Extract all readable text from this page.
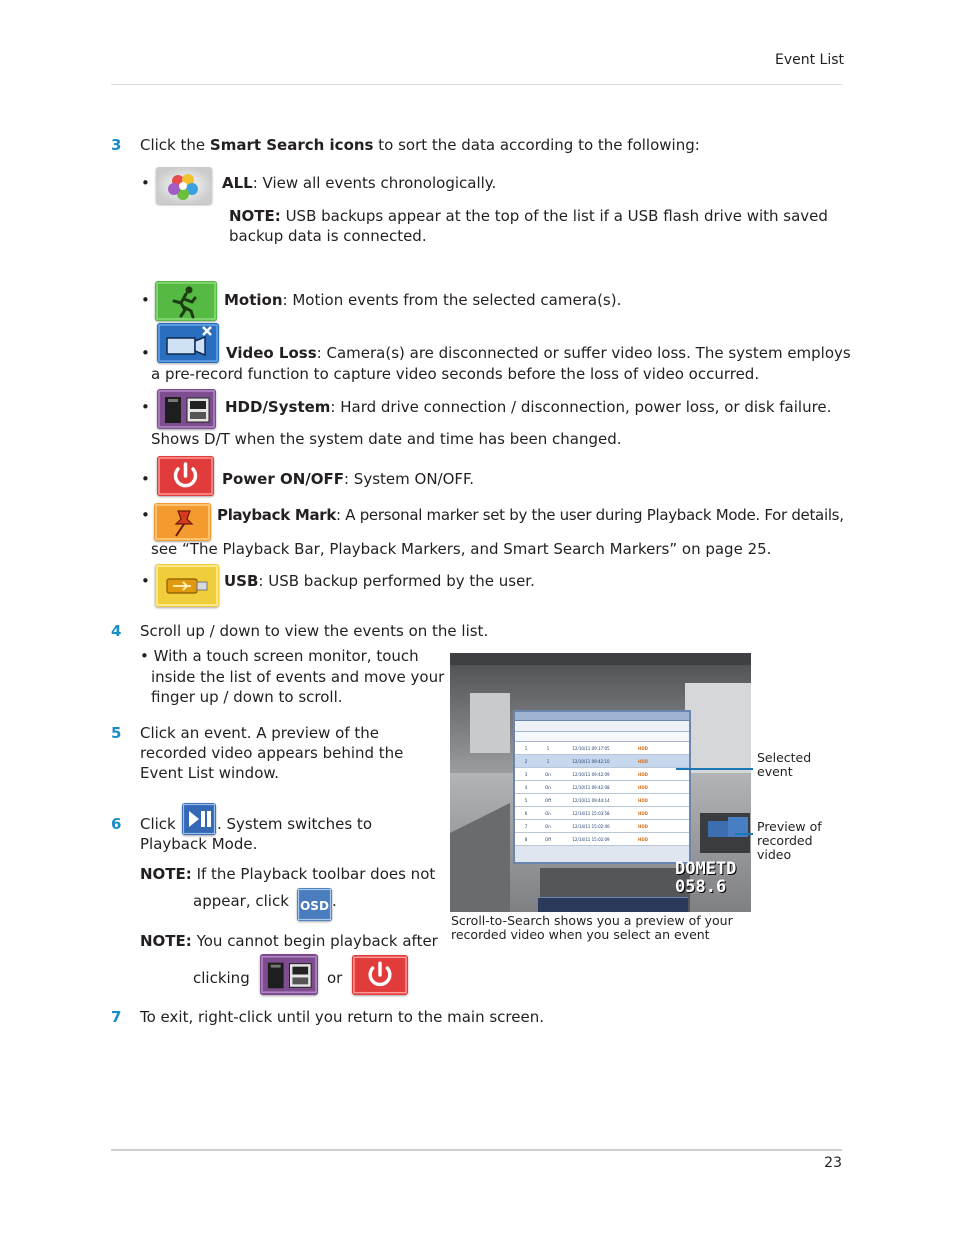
Event List
3 Click the Smart Search icons to sort the data according to the following:
•	ALL: View all events chronologically.
NOTE: USB backups appear at the top of the list if a USB flash drive with saved
backup data is connected.
•	Motion: Motion events from the selected camera(s).
•	Video Loss: Camera(s) are disconnected or suffer video loss. The system employs
a pre-record function to capture video seconds before the loss of video occurred.
•	HDD/System: Hard drive connection / disconnection, power loss, or disk failure.
Shows D/T when the system date and time has been changed.
•	Power ON/OFF: System ON/OFF.
•	Playback Mark: A personal marker set by the user during Playback Mode. For details,
see “The Playback Bar, Playback Markers, and Smart Search Markers” on page 25.
•	USB: USB backup performed by the user.
4 Scroll up / down to view the events on the list.
• With a touch screen monitor, touch
inside the list of events and move your
finger up / down to scroll.
5 Click an event. A preview of the
recorded video appears behind the
Event List window.
6 Click	. System switches to
Playback Mode.
NOTE: If the Playback toolbar does not
appear, click OSD .
NOTE: You cannot begin playback after
clicking	or
7 To exit, right-click until you return to the main screen.
1	1	12/10/11 09:17:05	HDD
2	1	12/10/11 09:42:10	HDD
3	On	12/10/11 09:42:09	HDD
4	On	12/10/11 09:42:08	HDD
5	Off	12/10/11 09:44:14	HDD
6	On	12/14/11 15:03:58	HDD
7	On	12/14/11 15:02:40	HDD
8	Off	12/14/11 15:02:09	HDD
DOMETD
058.6
Selected
event
Preview of
recorded
video
Scroll-to-Search shows you a preview of your
recorded video when you select an event
23
